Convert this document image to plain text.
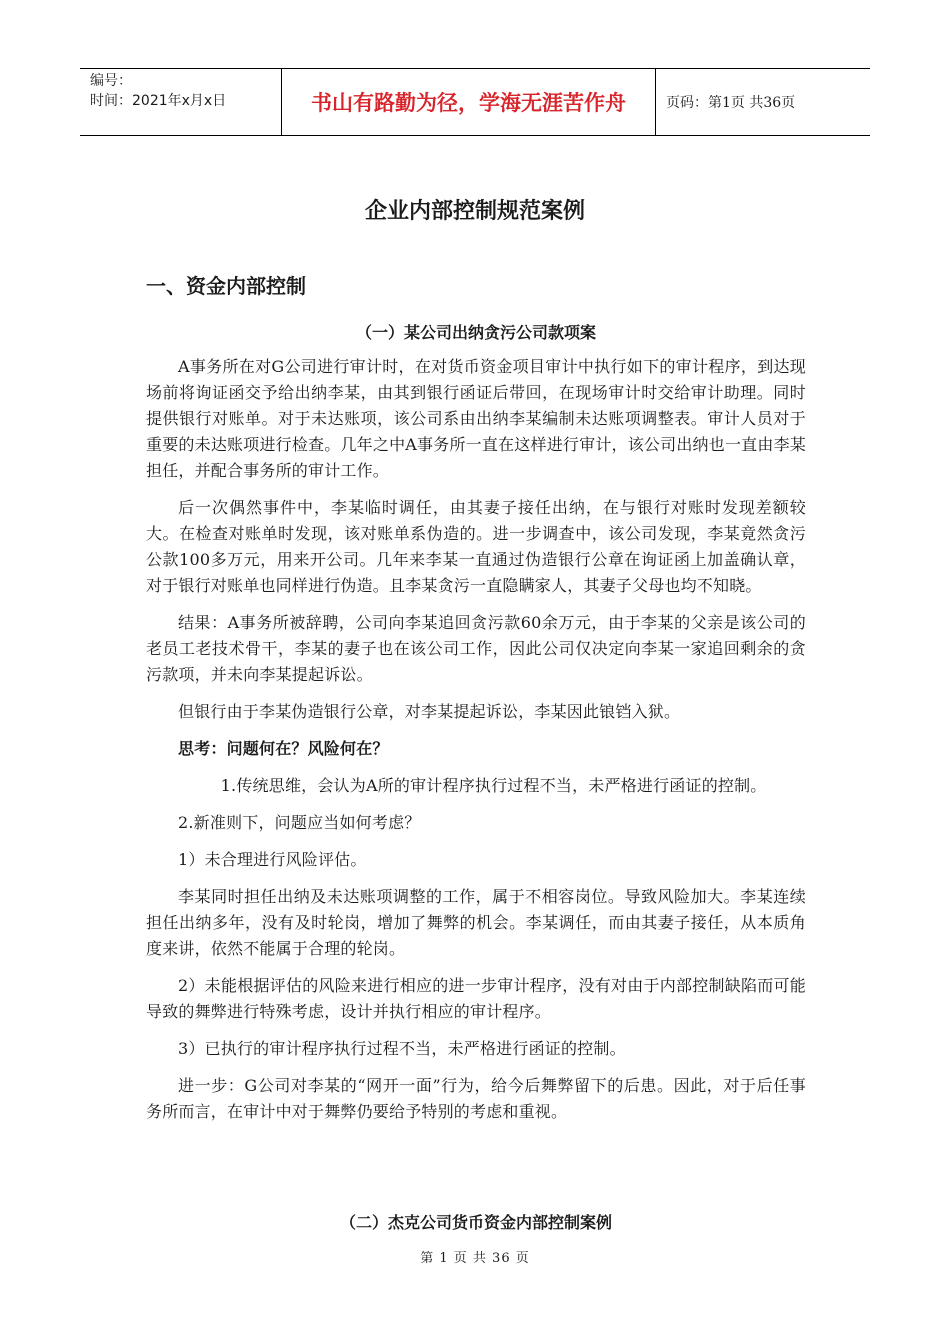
编号：
时间：2021年x月x日	书山有路勤为径，学海无涯苦作舟	页码：第1页 共36页
企业内部控制规范案例
一、资金内部控制
（一）某公司出纳贪污公司款项案

A事务所在对G公司进行审计时，在对货币资金项目审计中执行如下的审计程序，到达现场前将询证函交予给出纳李某，由其到银行函证后带回，在现场审计时交给审计助理。同时提供银行对账单。对于未达账项，该公司系由出纳李某编制未达账项调整表。审计人员对于重要的未达账项进行检查。几年之中A事务所一直在这样进行审计，该公司出纳也一直由李某担任，并配合事务所的审计工作。

后一次偶然事件中，李某临时调任，由其妻子接任出纳，在与银行对账时发现差额较大。在检查对账单时发现，该对账单系伪造的。进一步调查中，该公司发现，李某竟然贪污公款100多万元，用来开公司。几年来李某一直通过伪造银行公章在询证函上加盖确认章，对于银行对账单也同样进行伪造。且李某贪污一直隐瞒家人，其妻子父母也均不知晓。

结果：A事务所被辞聘，公司向李某追回贪污款60余万元，由于李某的父亲是该公司的老员工老技术骨干，李某的妻子也在该公司工作，因此公司仅决定向李某一家追回剩余的贪污款项，并未向李某提起诉讼。

但银行由于李某伪造银行公章，对李某提起诉讼，李某因此锒铛入狱。

思考：问题何在？风险何在？

1.传统思维，会认为A所的审计程序执行过程不当，未严格进行函证的控制。

2.新准则下，问题应当如何考虑？

1）未合理进行风险评估。

李某同时担任出纳及未达账项调整的工作，属于不相容岗位。导致风险加大。李某连续担任出纳多年，没有及时轮岗，增加了舞弊的机会。李某调任，而由其妻子接任，从本质角度来讲，依然不能属于合理的轮岗。

2）未能根据评估的风险来进行相应的进一步审计程序，没有对由于内部控制缺陷而可能导致的舞弊进行特殊考虑，设计并执行相应的审计程序。

3）已执行的审计程序执行过程不当，未严格进行函证的控制。

进一步：G公司对李某的“网开一面”行为，给今后舞弊留下的后患。因此，对于后任事务所而言，在审计中对于舞弊仍要给予特别的考虑和重视。

（二）杰克公司货币资金内部控制案例
第 1 页 共 36 页
